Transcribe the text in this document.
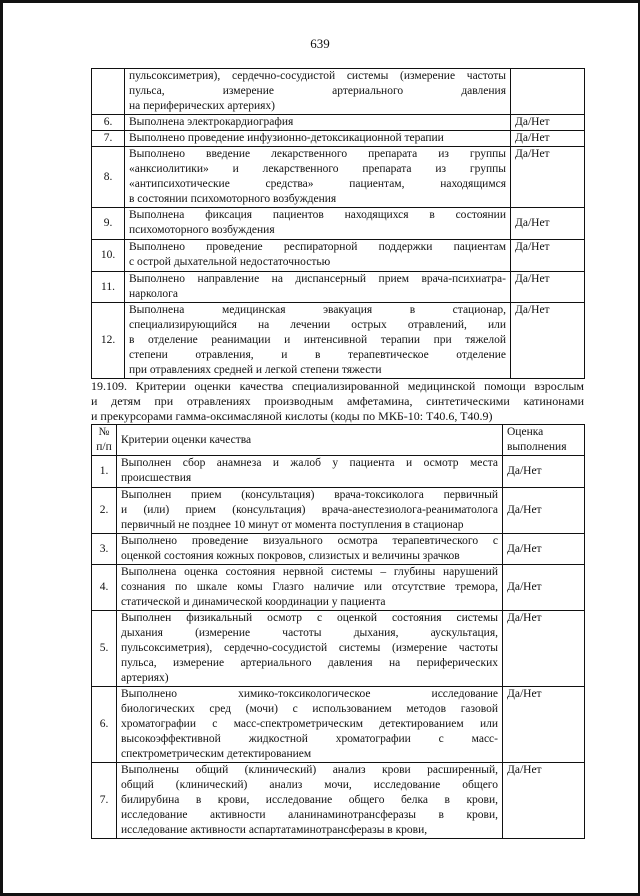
639

	пульсоксиметрия), сердечно-сосудистой системы (измерение частоты
пульса, измерение артериального давления
на периферических артериях)	

6.	Выполнена электрокардиография	Да/Нет
7.	Выполнено проведение инфузионно-детоксикационной терапии	Да/Нет
8.	Выполнено введение лекарственного препарата из группы
«анксиолитики» и лекарственного препарата из группы
«антипсихотические средства» пациентам, находящимся
в состоянии психомоторного возбуждения	Да/Нет
9.	Выполнена фиксация пациентов находящихся в состоянии
психомоторного возбуждения	Да/Нет
10.	Выполнено проведение респираторной поддержки пациентам
с острой дыхательной недостаточностью	Да/Нет
11.	Выполнено направление на диспансерный прием врача-психиатра-
нарколога	Да/Нет
12.	Выполнена медицинская эвакуация в стационар,
специализирующийся на лечении острых отравлений, или
в отделение реанимации и интенсивной терапии при тяжелой
степени отравления, и в терапевтическое отделение
при отравлениях средней и легкой степени тяжести	Да/Нет
19.109. Критерии оценки качества специализированной медицинской помощи взрослым
и детям при отравлениях производным амфетамина, синтетическими катинонами
и прекурсорами гамма-оксимасляной кислоты (коды по МКБ-10: T40.6, T40.9)
№
п/п	Критерии оценки качества	Оценка
выполнения

1.	Выполнен сбор анамнеза и жалоб у пациента и осмотр места
происшествия	Да/Нет
2.	Выполнен прием (консультация) врача-токсиколога первичный
и (или) прием (консультация) врача-анестезиолога-реаниматолога
первичный не позднее 10 минут от момента поступления в стационар	Да/Нет
3.	Выполнено проведение визуального осмотра терапевтического с
оценкой состояния кожных покровов, слизистых и величины зрачков	Да/Нет
4.	Выполнена оценка состояния нервной системы – глубины нарушений
сознания по шкале комы Глазго наличие или отсутствие тремора,
статической и динамической координации у пациента	Да/Нет
5.	Выполнен физикальный осмотр с оценкой состояния системы
дыхания (измерение частоты дыхания, аускультация,
пульсоксиметрия), сердечно-сосудистой системы (измерение частоты
пульса, измерение артериального давления на периферических
артериях)	Да/Нет
6.	Выполнено химико-токсикологическое исследование
биологических сред (мочи) с использованием методов газовой
хроматографии с масс-спектрометрическим детектированием или
высокоэффективной жидкостной хроматографии с масс-
спектрометрическим детектированием	Да/Нет
7.	Выполнены общий (клинический) анализ крови расширенный,
общий (клинический) анализ мочи, исследование общего
билирубина в крови, исследование общего белка в крови,
исследование активности аланинаминотрансферазы в крови,
исследование активности аспартатаминотрансферазы в крови,	Да/Нет
